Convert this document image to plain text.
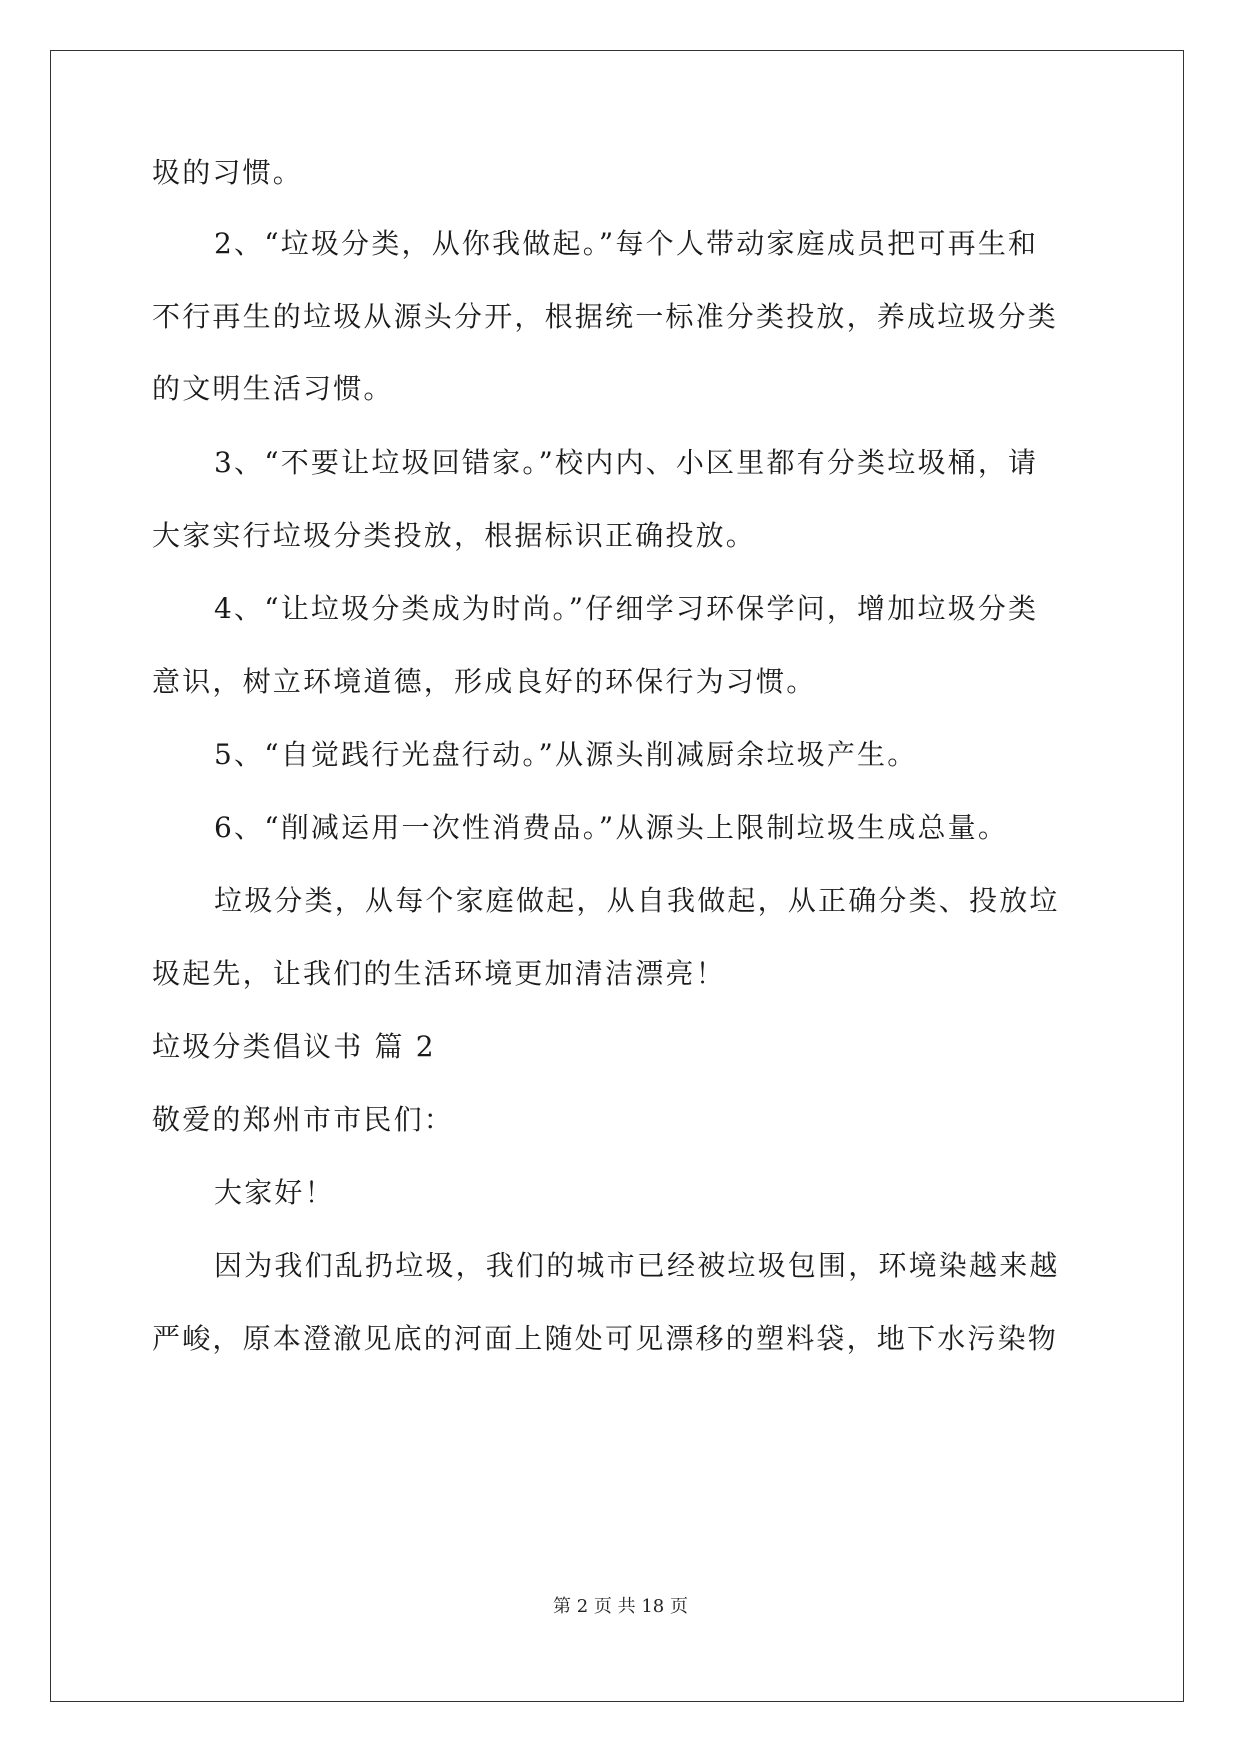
圾的习惯。
2、“垃圾分类，从你我做起。”每个人带动家庭成员把可再生和
不行再生的垃圾从源头分开，根据统一标准分类投放，养成垃圾分类
的文明生活习惯。
3、“不要让垃圾回错家。”校内内、小区里都有分类垃圾桶，请
大家实行垃圾分类投放，根据标识正确投放。
4、“让垃圾分类成为时尚。”仔细学习环保学问，增加垃圾分类
意识，树立环境道德，形成良好的环保行为习惯。
5、“自觉践行光盘行动。”从源头削减厨余垃圾产生。
6、“削减运用一次性消费品。”从源头上限制垃圾生成总量。
垃圾分类，从每个家庭做起，从自我做起，从正确分类、投放垃
圾起先，让我们的生活环境更加清洁漂亮！
垃圾分类倡议书 篇 2
敬爱的郑州市市民们：
大家好！
因为我们乱扔垃圾，我们的城市已经被垃圾包围，环境染越来越
严峻，原本澄澈见底的河面上随处可见漂移的塑料袋，地下水污染物
第 2 页 共 18 页
